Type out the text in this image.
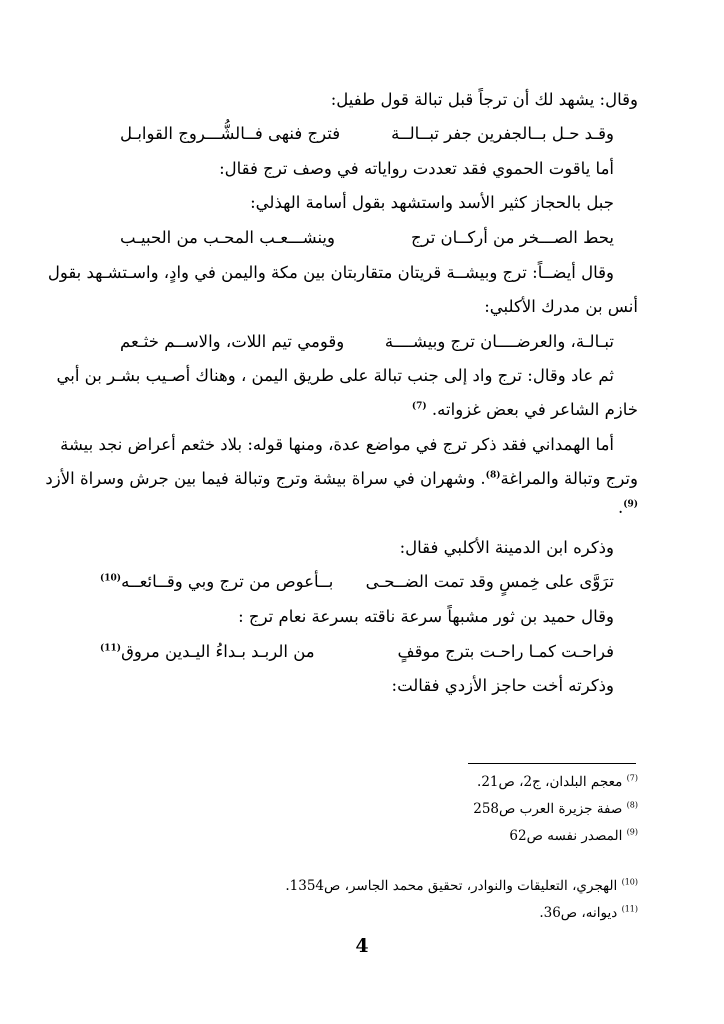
وقال: يشهد لك أن ترجاً قبل تبالة قول طفيل:
وقـد حـل بــالجفرين جفر تبــالــة
فترج فنهى فــالشُّـــروج القوابـل
أما ياقوت الحموي فقد تعددت رواياته في وصف ترج فقال:
جبل بالحجاز كثير الأسد واستشهد بقول أسامة الهذلي:
يحط الصـــخر من أركــان ترج
وينشـــعـب المحـب من الحبيـب
وقال أيضــاً: ترج وبيشــة قريتان متقاربتان بين مكة واليمن في وادٍ، واسـتشـهد بقول
أنس بن مدرك الأكلبي:
تبـالـة، والعرضــــان ترج وبيشــــة
وقومي تيم اللات، والاســم خثـعم
ثم عاد وقال: ترج واد إلى جنب تبالة على طريق اليمن ، وهناك أصـيب بشـر بن أبي
خازم الشاعر في بعض غزواته. $^{(7)}$
أما الهمداني فقد ذكر ترج في مواضع عدة، ومنها قوله: بلاد خثعم أعراض نجد بيشة
وترج وتبالة والمراغة$^{(8)}$. وشهران في سراة بيشة وترج وتبالة فيما بين جرش وسراة الأزد
$^{(9)}$.
وذكره ابن الدمينة الأكلبي فقال:
ترَوَّى على خِمسٍ وقد تمت الضــحـى
بــأعوص من ترج وبي وقــائعــه$^{(10)}$
وقال حميد بن ثور مشبهاً سرعة ناقته بسرعة نعام ترج :
فراحـت كمـا راحـت بترج موقفٍ
من الربـد بـداءُ اليـدين مروق$^{(11)}$
وذكرته أخت حاجز الأزدي فقالت:
$^{(7)}$ معجم البلدان، ج2، ص21.
$^{(8)}$ صفة جزيرة العرب ص258
$^{(9)}$ المصدر نفسه ص62
$^{(10)}$ الهجري، التعليقات والنوادر، تحقيق محمد الجاسر، ص1354.
$^{(11)}$ ديوانه، ص36.
4
